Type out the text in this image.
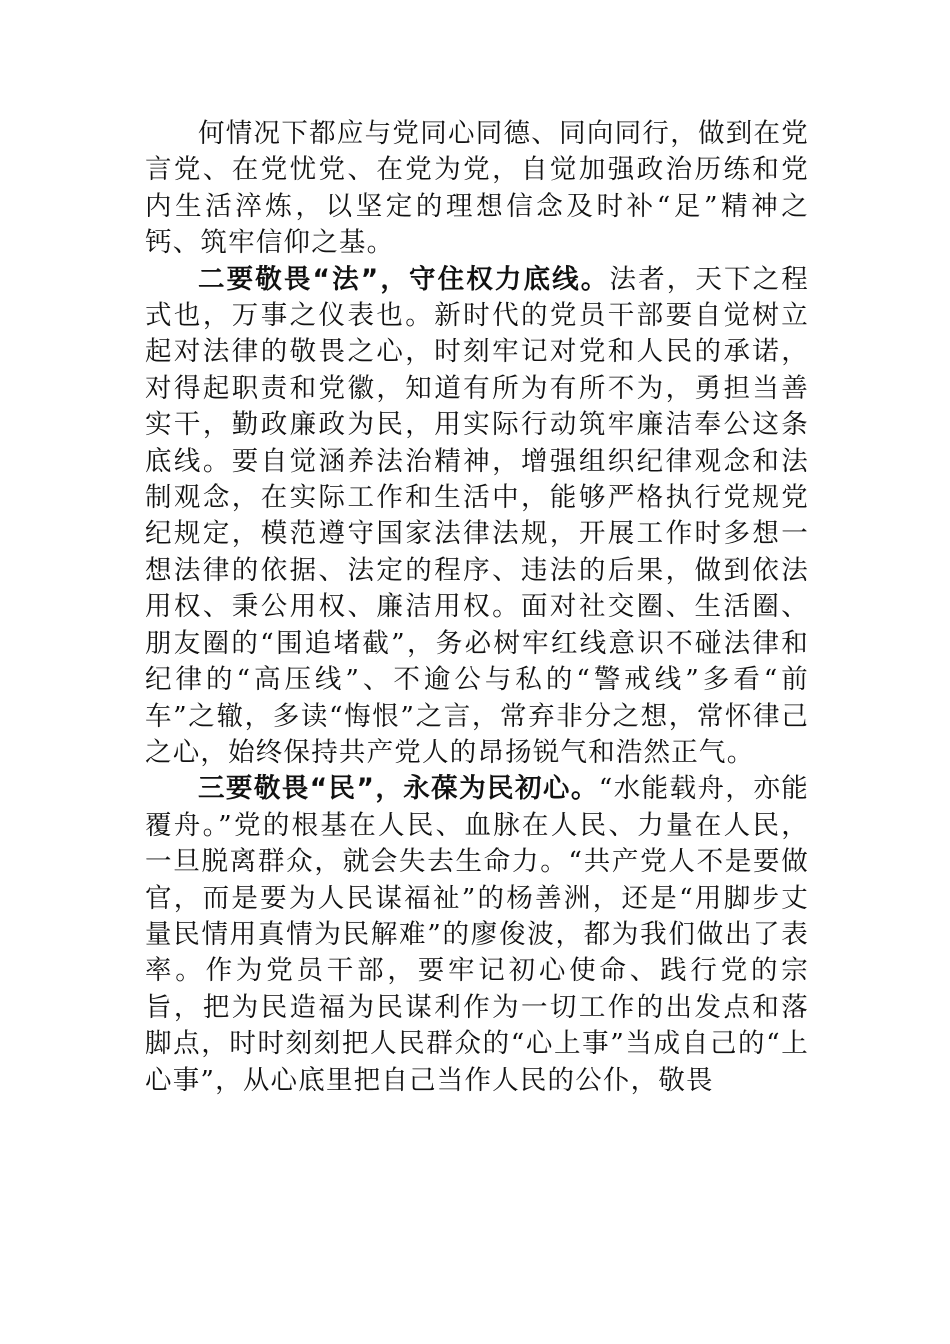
何情况下都应与党同心同德、同向同行，做到在党言党、在党忧党、在党为党，自觉加强政治历练和党内生活淬炼，以坚定的理想信念及时补“足”精神之钙、筑牢信仰之基。

二要敬畏“法”，守住权力底线。法者，天下之程式也，万事之仪表也。新时代的党员干部要自觉树立起对法律的敬畏之心，时刻牢记对党和人民的承诺，对得起职责和党徽，知道有所为有所不为，勇担当善实干，勤政廉政为民，用实际行动筑牢廉洁奉公这条底线。要自觉涵养法治精神，增强组织纪律观念和法制观念，在实际工作和生活中，能够严格执行党规党纪规定，模范遵守国家法律法规，开展工作时多想一想法律的依据、法定的程序、违法的后果，做到依法用权、秉公用权、廉洁用权。面对社交圈、生活圈、朋友圈的“围追堵截”，务必树牢红线意识不碰法律和纪律的“高压线”、不逾公与私的“警戒线”多看“前车”之辙，多读“悔恨”之言，常弃非分之想，常怀律己之心，始终保持共产党人的昂扬锐气和浩然正气。

三要敬畏“民”，永葆为民初心。“水能载舟，亦能覆舟。”党的根基在人民、血脉在人民、力量在人民，一旦脱离群众，就会失去生命力。“共产党人不是要做官，而是要为人民谋福祉”的杨善洲，还是“用脚步丈量民情用真情为民解难”的廖俊波，都为我们做出了表率。作为党员干部，要牢记初心使命、践行党的宗旨，把为民造福为民谋利作为一切工作的出发点和落脚点，时时刻刻把人民群众的“心上事”当成自己的“上心事”，从心底里把自己当作人民的公仆，敬畏
